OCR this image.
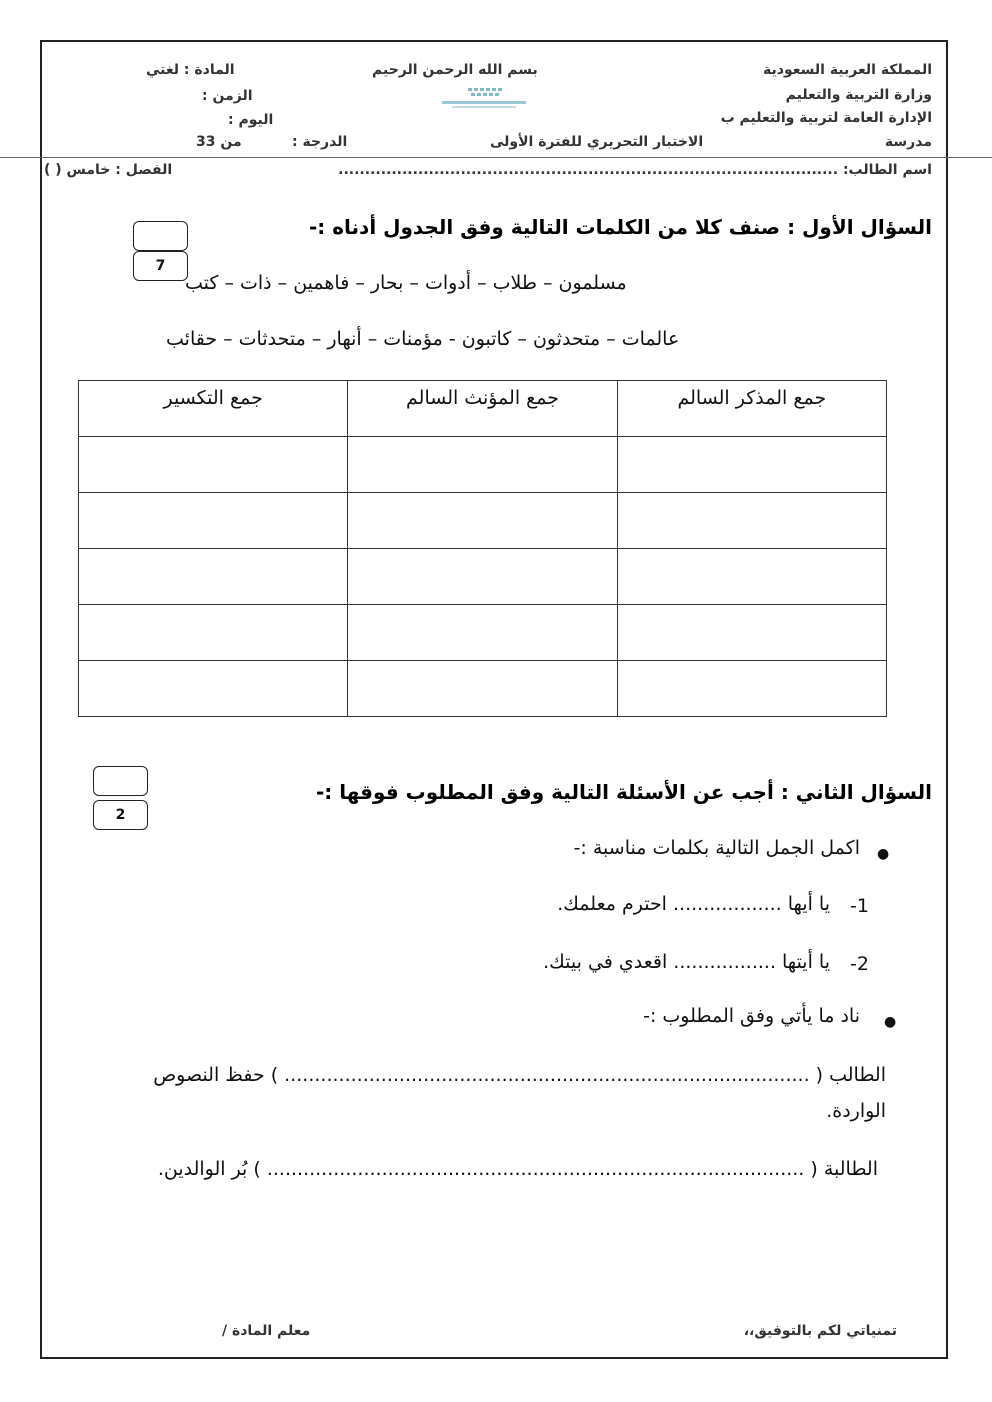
المملكة العربية السعودية
وزارة التربية والتعليم
الإدارة العامة لتربية والتعليم ب
مدرسة
بسم الله الرحمن الرحيم
الاختبار التحريري للفترة الأولى
المادة : لغتي
الزمن :
اليوم :
الدرجة :
من 33
اسم الطالب: ..............................................................................................
الفصل : خامس ( )
السؤال الأول : صنف كلا من الكلمات التالية وفق الجدول أدناه :-
7
مسلمون – طلاب – أدوات – بحار – فاهمين – ذات – كتب
عالمات – متحدثون – كاتبون - مؤمنات – أنهار – متحدثات – حقائب
جمع المذكر السالم	جمع المؤنث السالم	جمع التكسير

السؤال الثاني : أجب عن الأسئلة التالية وفق المطلوب فوقها :-
2
●
اكمل الجمل التالية بكلمات مناسبة :-
-1
يا أيها .................. احترم معلمك.
-2
يا أيتها ................. اقعدي في بيتك.
●
ناد ما يأتي وفق المطلوب :-
الطالب ( ....................................................................................... ) حفظ النصوص
الواردة.
الطالبة ( ......................................................................................... ) بُر الوالدين.
تمنياتي لكم بالتوفيق،،
معلم المادة /
